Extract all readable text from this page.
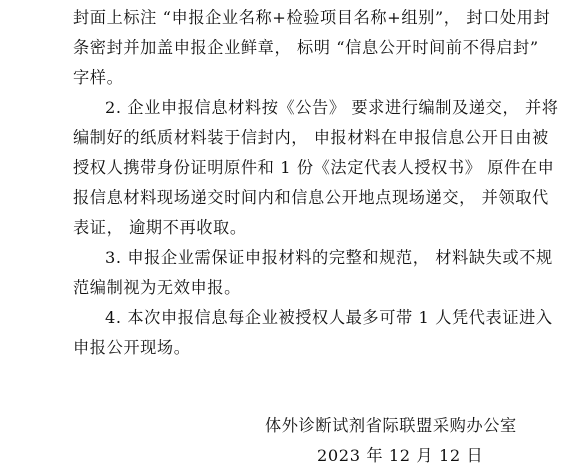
封面上标注 “申报企业名称+检验项目名称+组别”， 封口处用封
条密封并加盖申报企业鲜章， 标明 “信息公开时间前不得启封”
字样。
2. 企业申报信息材料按《公告》 要求进行编制及递交， 并将
编制好的纸质材料装于信封内， 申报材料在申报信息公开日由被
授权人携带身份证明原件和 1 份《法定代表人授权书》 原件在申
报信息材料现场递交时间内和信息公开地点现场递交， 并领取代
表证， 逾期不再收取。
3. 申报企业需保证申报材料的完整和规范， 材料缺失或不规
范编制视为无效申报。
4. 本次申报信息每企业被授权人最多可带 1 人凭代表证进入
申报公开现场。
体外诊断试剂省际联盟采购办公室
2023 年 12 月 12 日
